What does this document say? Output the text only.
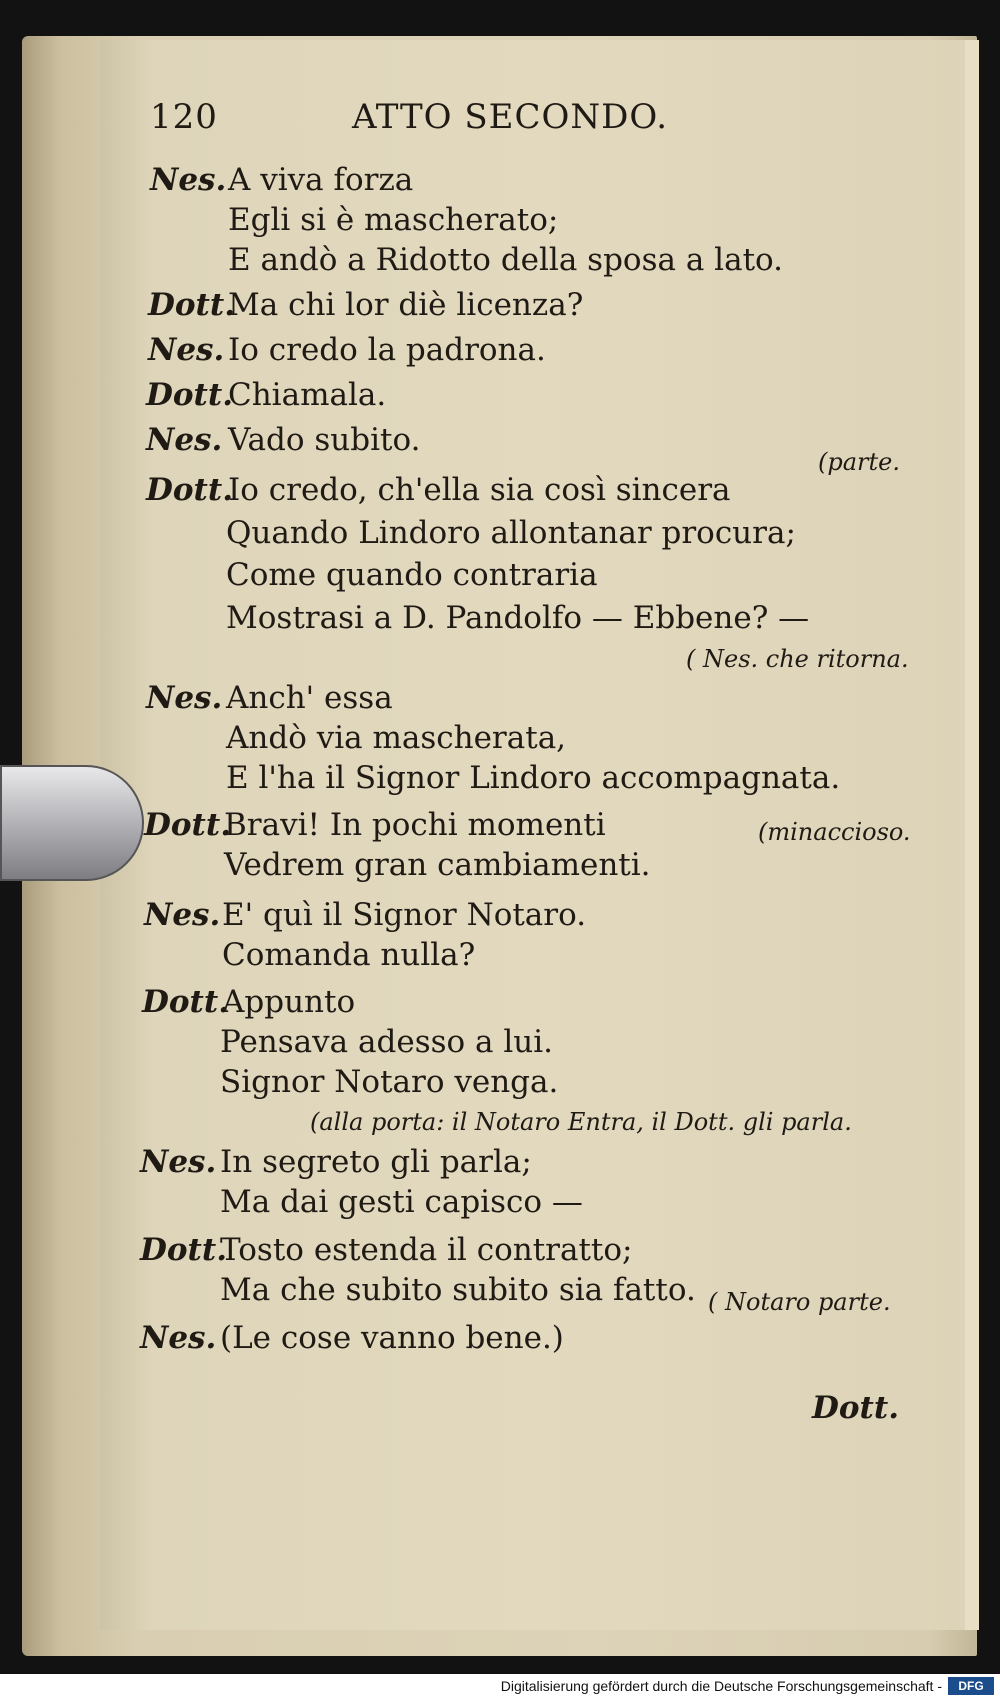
120	ATTO SECONDO.
Nes. A viva forza
Egli si è mascherato;
E andò a Ridotto della sposa a lato.
Dott.
Ma chi lor diè licenza?
Nes. Io credo la padrona.
Dott.
Chiamala.
Nes. Vado subito.
(parte.
Dott.
Io credo, ch'ella sia così sincera
Quando Lindoro allontanar procura;
Come quando contraria
Mostrasi a D. Pandolfo — Ebbene? —
( Nes. che ritorna.
Nes. Anch' essa
Andò via mascherata,
E l'ha il Signor Lindoro accompagnata.
Dott.
Bravi! In pochi momenti	(minaccioso.
Vedrem gran cambiamenti.
Nes. E' quì il Signor Notaro.
Comanda nulla?
Dott.
Appunto
Pensava adesso a lui.
Signor Notaro venga.
(alla porta: il Notaro Entra, il Dott. gli parla.
Nes. In segreto gli parla;
Ma dai gesti capisco —
Dott.
Tosto estenda il contratto;
Ma che subito subito sia fatto. ( Notaro parte.
Nes. (Le cose vanno bene.)
Dott.
Digitalisierung gefördert durch die Deutsche Forschungsgemeinschaft -	DFG
